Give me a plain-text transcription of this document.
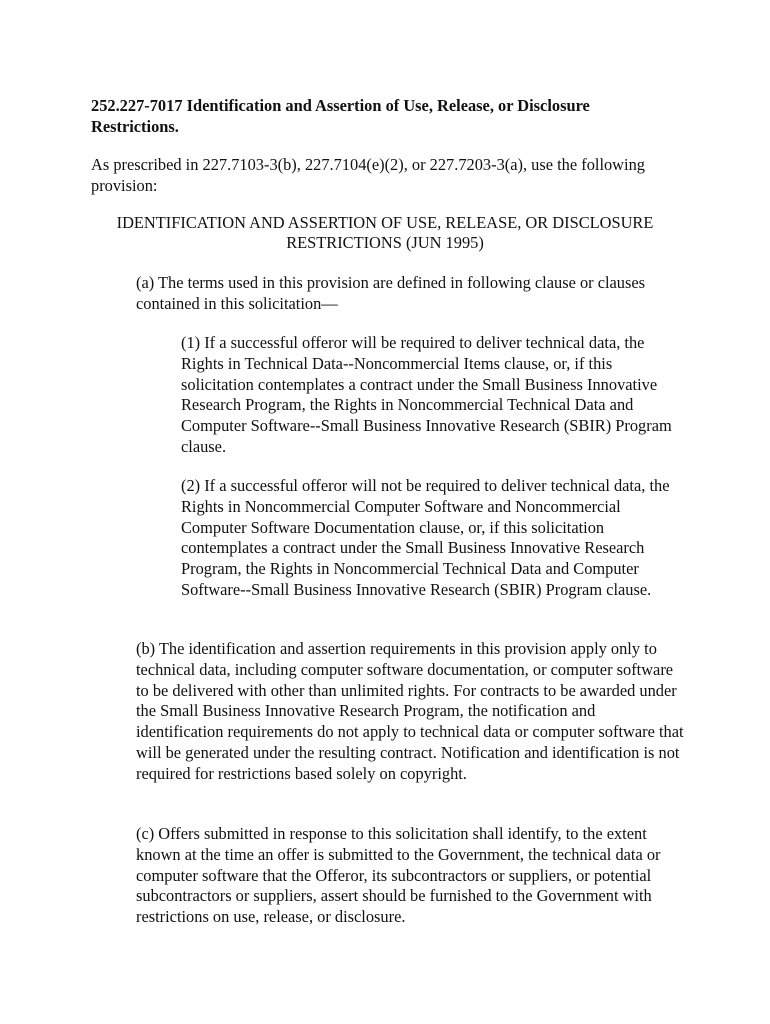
252.227-7017 Identification and Assertion of Use, Release, or Disclosure Restrictions.

As prescribed in 227.7103-3(b), 227.7104(e)(2), or 227.7203-3(a), use the following provision:

IDENTIFICATION AND ASSERTION OF USE, RELEASE, OR DISCLOSURE RESTRICTIONS (JUN 1995)

(a) The terms used in this provision are defined in following clause or clauses contained in this solicitation—

(1) If a successful offeror will be required to deliver technical data, the Rights in Technical Data--Noncommercial Items clause, or, if this solicitation contemplates a contract under the Small Business Innovative Research Program, the Rights in Noncommercial Technical Data and Computer Software--Small Business Innovative Research (SBIR) Program clause.

(2) If a successful offeror will not be required to deliver technical data, the Rights in Noncommercial Computer Software and Noncommercial Computer Software Documentation clause, or, if this solicitation contemplates a contract under the Small Business Innovative Research Program, the Rights in Noncommercial Technical Data and Computer Software--Small Business Innovative Research (SBIR) Program clause.

(b) The identification and assertion requirements in this provision apply only to technical data, including computer software documentation, or computer software to be delivered with other than unlimited rights. For contracts to be awarded under the Small Business Innovative Research Program, the notification and identification requirements do not apply to technical data or computer software that will be generated under the resulting contract. Notification and identification is not required for restrictions based solely on copyright.

(c) Offers submitted in response to this solicitation shall identify, to the extent known at the time an offer is submitted to the Government, the technical data or computer software that the Offeror, its subcontractors or suppliers, or potential subcontractors or suppliers, assert should be furnished to the Government with restrictions on use, release, or disclosure.
